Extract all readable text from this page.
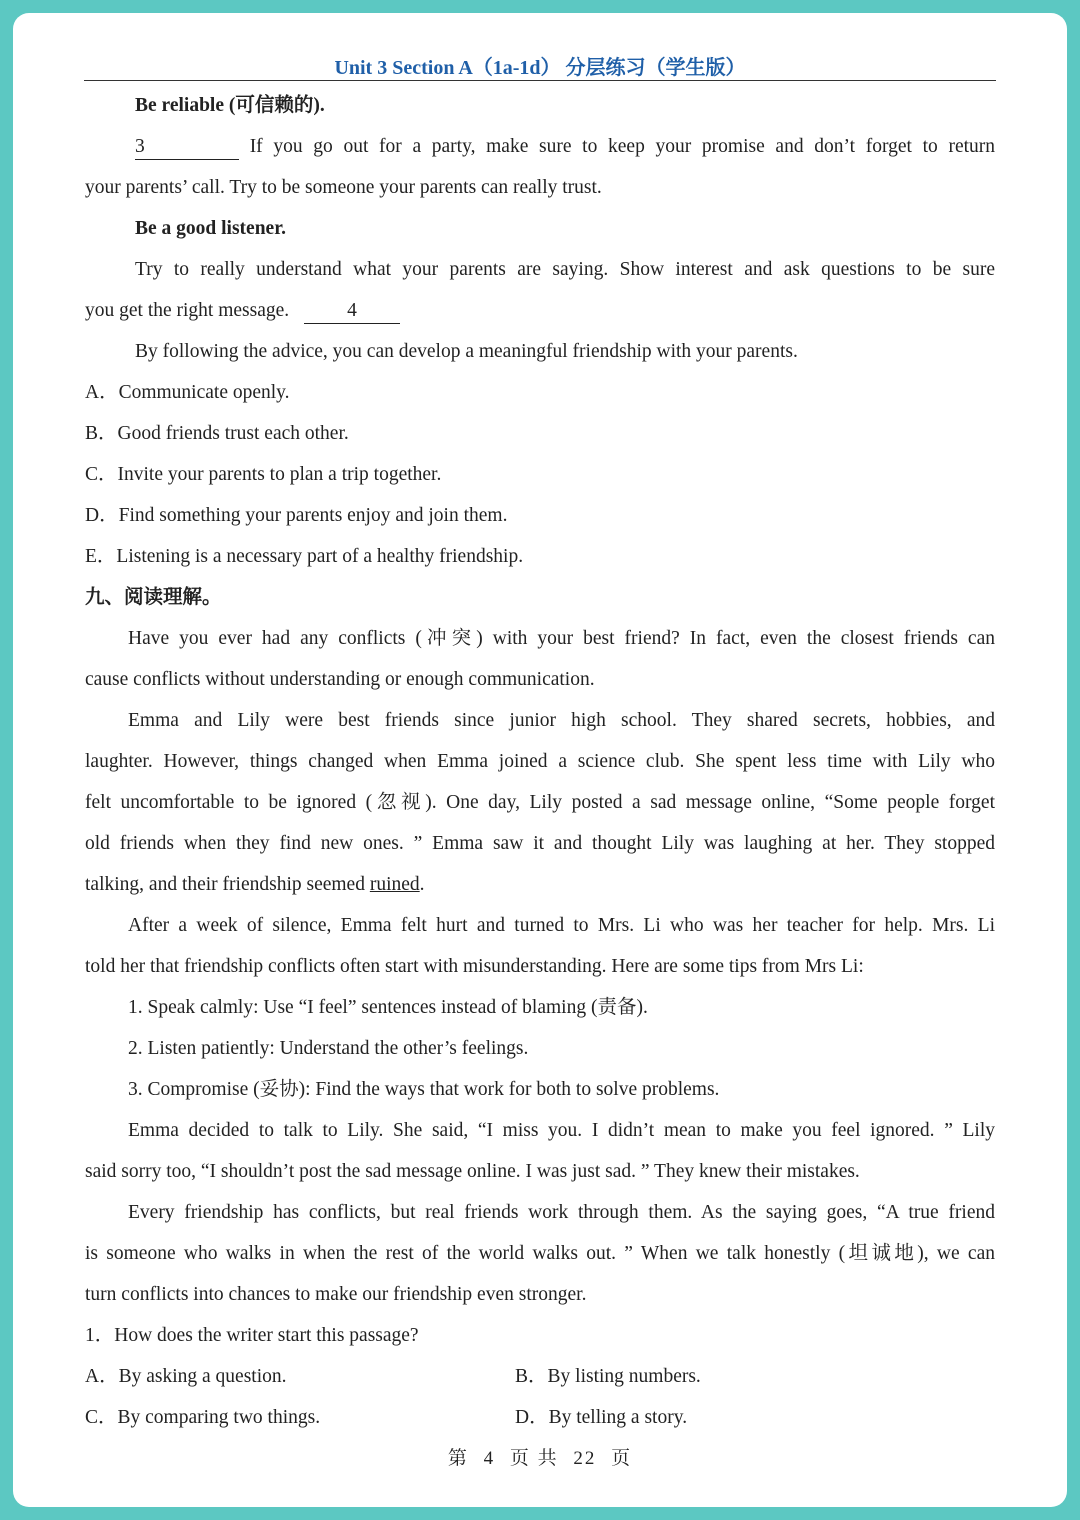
Unit 3 Section A（1a-1d） 分层练习（学生版）
Be reliable (可信赖的).
3	If you go out for a party, make sure to keep your promise and don’t forget to return
your parents’ call. Try to be someone your parents can really trust.
Be a good listener.
Try to really understand what your parents are saying. Show interest and ask questions to be sure
you get the right message.	4
By following the advice, you can develop a meaningful friendship with your parents.
A．Communicate openly.
B．Good friends trust each other.
C．Invite your parents to plan a trip together.
D．Find something your parents enjoy and join them.
E．Listening is a necessary part of a healthy friendship.
九、阅读理解。
Have you ever had any conflicts (冲突) with your best friend? In fact, even the closest friends can
cause conflicts without understanding or enough communication.
Emma and Lily were best friends since junior high school. They shared secrets, hobbies, and
laughter. However, things changed when Emma joined a science club. She spent less time with Lily who
felt uncomfortable to be ignored (忽视). One day, Lily posted a sad message online, “Some people forget
old friends when they find new ones. ” Emma saw it and thought Lily was laughing at her. They stopped
talking, and their friendship seemed ruined.
After a week of silence, Emma felt hurt and turned to Mrs. Li who was her teacher for help. Mrs. Li
told her that friendship conflicts often start with misunderstanding. Here are some tips from Mrs Li:
1. Speak calmly: Use “I feel” sentences instead of blaming (责备).
2. Listen patiently: Understand the other’s feelings.
3. Compromise (妥协): Find the ways that work for both to solve problems.
Emma decided to talk to Lily. She said, “I miss you. I didn’t mean to make you feel ignored. ” Lily
said sorry too, “I shouldn’t post the sad message online. I was just sad. ” They knew their mistakes.
Every friendship has conflicts, but real friends work through them. As the saying goes, “A true friend
is someone who walks in when the rest of the world walks out. ” When we talk honestly (坦诚地), we can
turn conflicts into chances to make our friendship even stronger.
1．How does the writer start this passage?
A．By asking a question.	B．By listing numbers.
C．By comparing two things.	D．By telling a story.
第 4 页 共 22 页
